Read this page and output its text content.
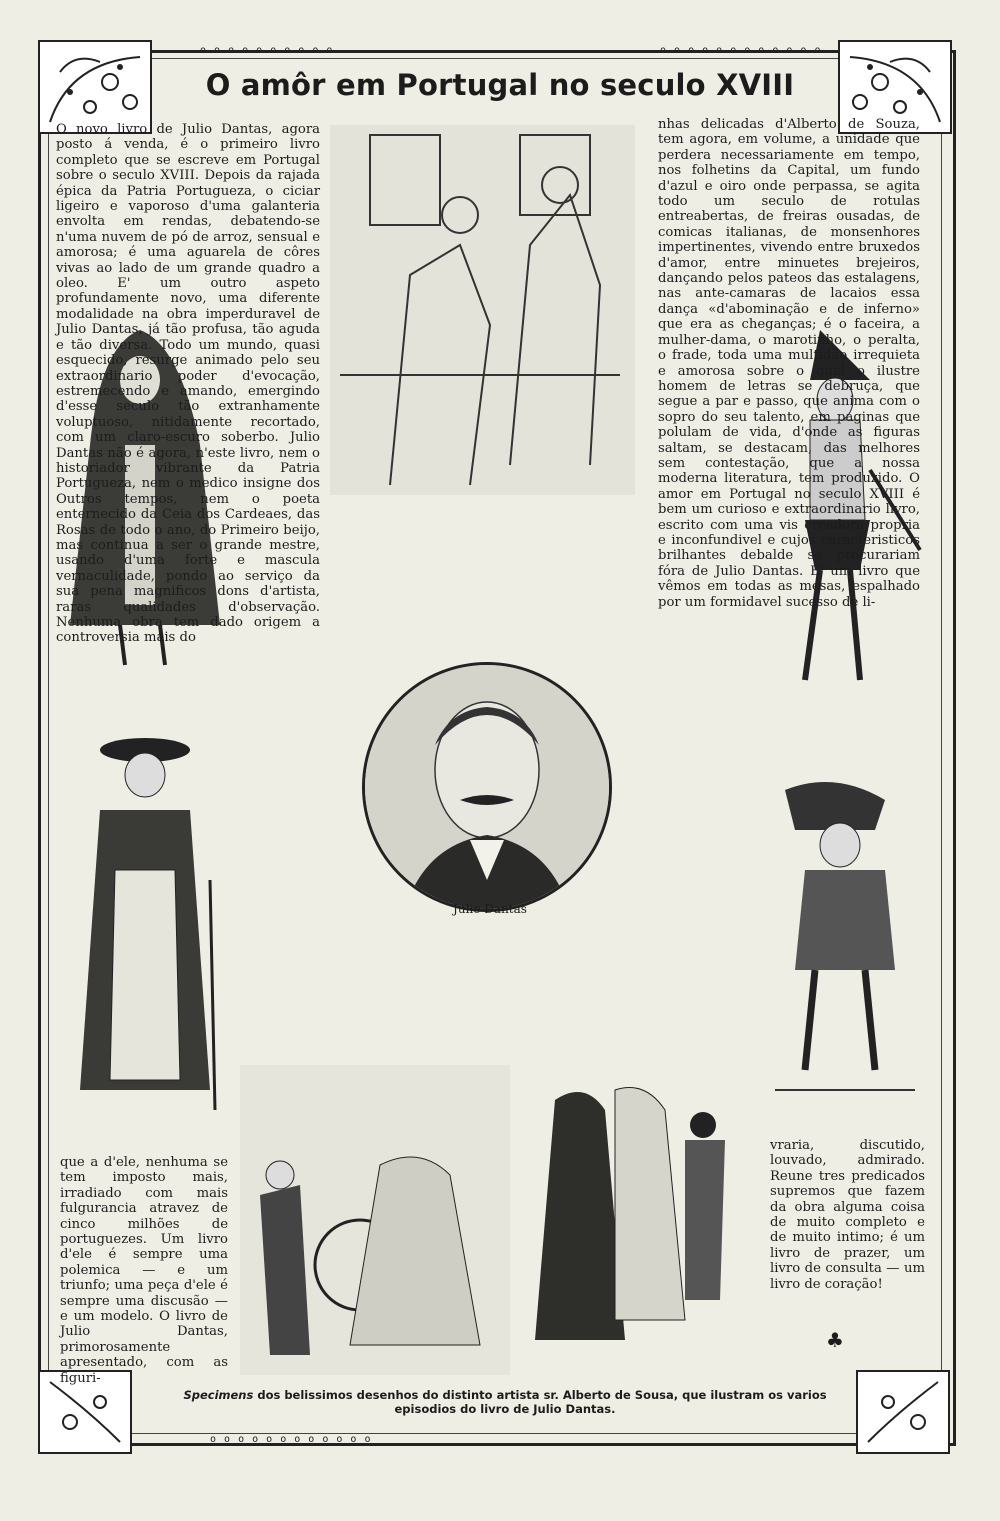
o o o o o o o o o o	o o o o o o o o o o o o
o o o o o o o o o o o o
O amôr em Portugal no seculo XVIII
Julio Dantas
O novo livro de Julio Dantas, agora posto á venda, é o primeiro livro completo que se escreve em Portugal sobre o seculo XVIII. Depois da rajada épica da Patria Portugueza, o ciciar ligeiro e vaporoso d'uma galanteria envolta em rendas, debatendo-se n'uma nuvem de pó de arroz, sensual e amorosa; é uma aguarela de côres vivas ao lado de um grande quadro a oleo. E' um outro aspeto profundamente novo, uma diferente modalidade na obra imperduravel de Julio Dantas, já tão profusa, tão aguda e tão diversa. Todo um mundo, quasi esquecido, resurge animado pelo seu extraordinario poder d'evocação, estremecendo e amando, emergindo d'esse seculo tão extranhamente voluptuoso, nitidamente recortado, com um claro-escuro soberbo. Julio Dantas não é agora, n'este livro, nem o historiador vibrante da Patria Portugueza, nem o medico insigne dos Outros tempos, nem o poeta enternecido da Ceia dos Cardeaes, das Rosas de todo o ano, do Primeiro beijo, mas continua a ser o grande mestre, usando d'uma forte e mascula vernaculidade, pondo ao serviço da sua pena magnificos dons d'artista, raras qualidades d'observação. Nenhuma obra tem dado origem a controversia mais do
nhas delicadas d'Alberto de Souza, tem agora, em volume, a unidade que perdera necessariamente em tempo, nos folhetins da Capital, um fundo d'azul e oiro onde perpassa, se agita todo um seculo de rotulas entreabertas, de freiras ousadas, de comicas italianas, de monsenhores impertinentes, vivendo entre bruxedos d'amor, entre minuetes brejeiros, dançando pelos pateos das estalagens, nas ante-camaras de lacaios essa dança «d'abominação e de inferno» que era as cheganças; é o faceira, a mulher-dama, o marotinho, o peralta, o frade, toda uma multidão irrequieta e amorosa sobre o qual o ilustre homem de letras se debruça, que segue a par e passo, que anima com o sopro do seu talento, em paginas que polulam de vida, d'onde as figuras saltam, se destacam, das melhores sem contestação, que a nossa moderna literatura, tem produzido. O amor em Portugal no seculo XVIII é bem um curioso e extraordinario livro, escrito com uma vis creadora propria e inconfundivel e cujos caracteristicos brilhantes debalde se procurariam fóra de Julio Dantas. E' um livro que vêmos em todas as mesas, espalhado por um formidavel sucesso de li-
que a d'ele, nenhuma se tem imposto mais, irradiado com mais fulgurancia atravez de cinco milhões de portuguezes. Um livro d'ele é sempre uma polemica — e um triunfo; uma peça d'ele é sempre uma discusão — e um modelo. O livro de Julio Dantas, primorosamente apresentado, com as figuri-
vraria, discutido, louvado, admirado. Reune tres predicados supremos que fazem da obra alguma coisa de muito completo e de muito intimo; é um livro de prazer, um livro de consulta — um livro de coração!
♣
Specimens dos belissimos desenhos do distinto artista sr. Alberto de Sousa, que ilustram os varios episodios do livro de Julio Dantas.
